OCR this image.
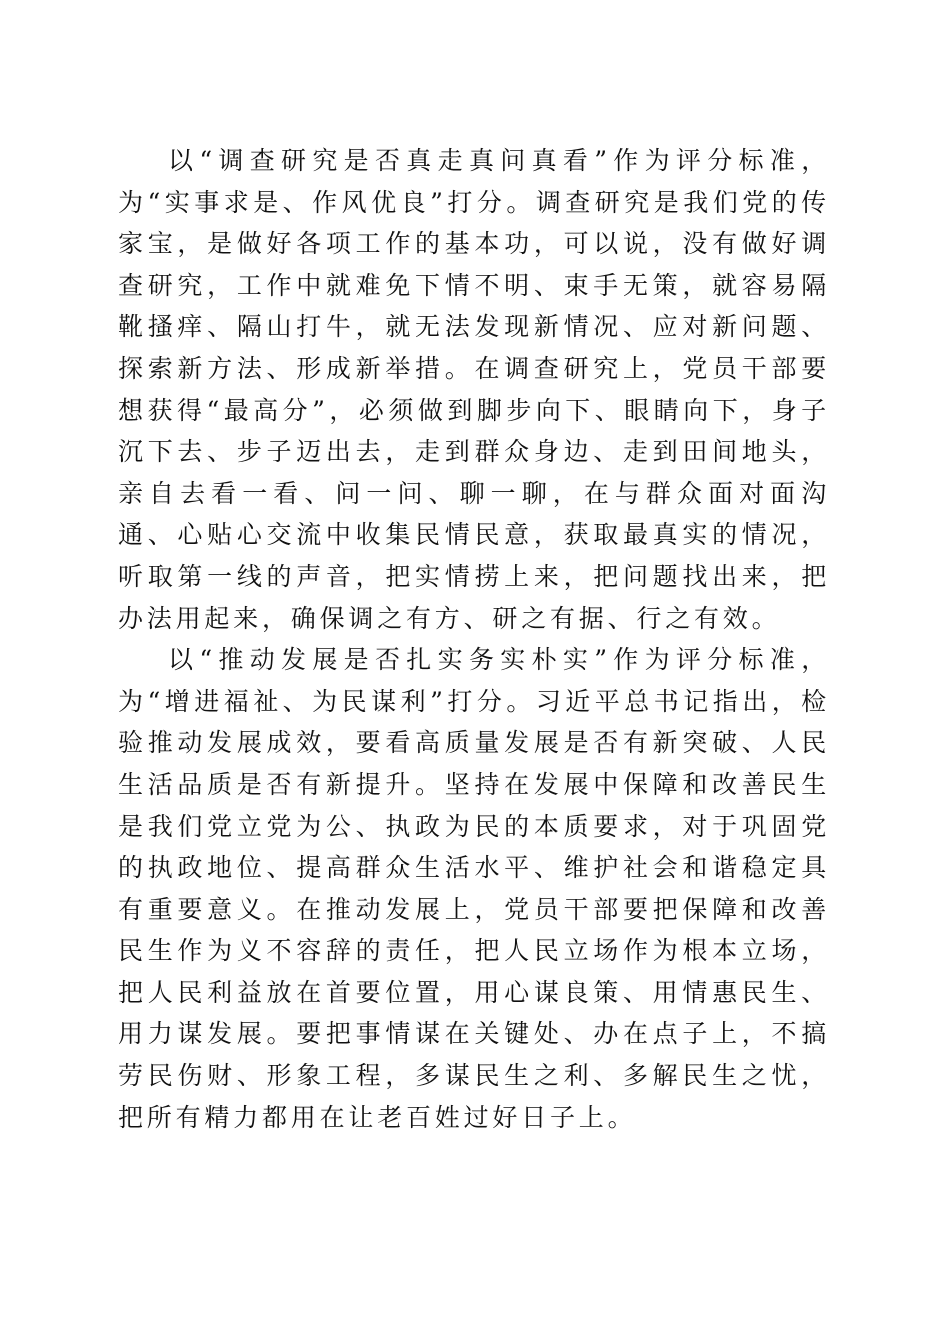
以“调查研究是否真走真问真看”作为评分标准，为“实事求是、作风优良”打分。调查研究是我们党的传家宝，是做好各项工作的基本功，可以说，没有做好调查研究，工作中就难免下情不明、束手无策，就容易隔靴搔痒、隔山打牛，就无法发现新情况、应对新问题、探索新方法、形成新举措。在调查研究上，党员干部要想获得“最高分”，必须做到脚步向下、眼睛向下，身子沉下去、步子迈出去，走到群众身边、走到田间地头，亲自去看一看、问一问、聊一聊，在与群众面对面沟通、心贴心交流中收集民情民意，获取最真实的情况，听取第一线的声音，把实情捞上来，把问题找出来，把办法用起来，确保调之有方、研之有据、行之有效。

以“推动发展是否扎实务实朴实”作为评分标准，为“增进福祉、为民谋利”打分。习近平总书记指出，检验推动发展成效，要看高质量发展是否有新突破、人民生活品质是否有新提升。坚持在发展中保障和改善民生是我们党立党为公、执政为民的本质要求，对于巩固党的执政地位、提高群众生活水平、维护社会和谐稳定具有重要意义。在推动发展上，党员干部要把保障和改善民生作为义不容辞的责任，把人民立场作为根本立场，把人民利益放在首要位置，用心谋良策、用情惠民生、用力谋发展。要把事情谋在关键处、办在点子上，不搞劳民伤财、形象工程，多谋民生之利、多解民生之忧，把所有精力都用在让老百姓过好日子上。
